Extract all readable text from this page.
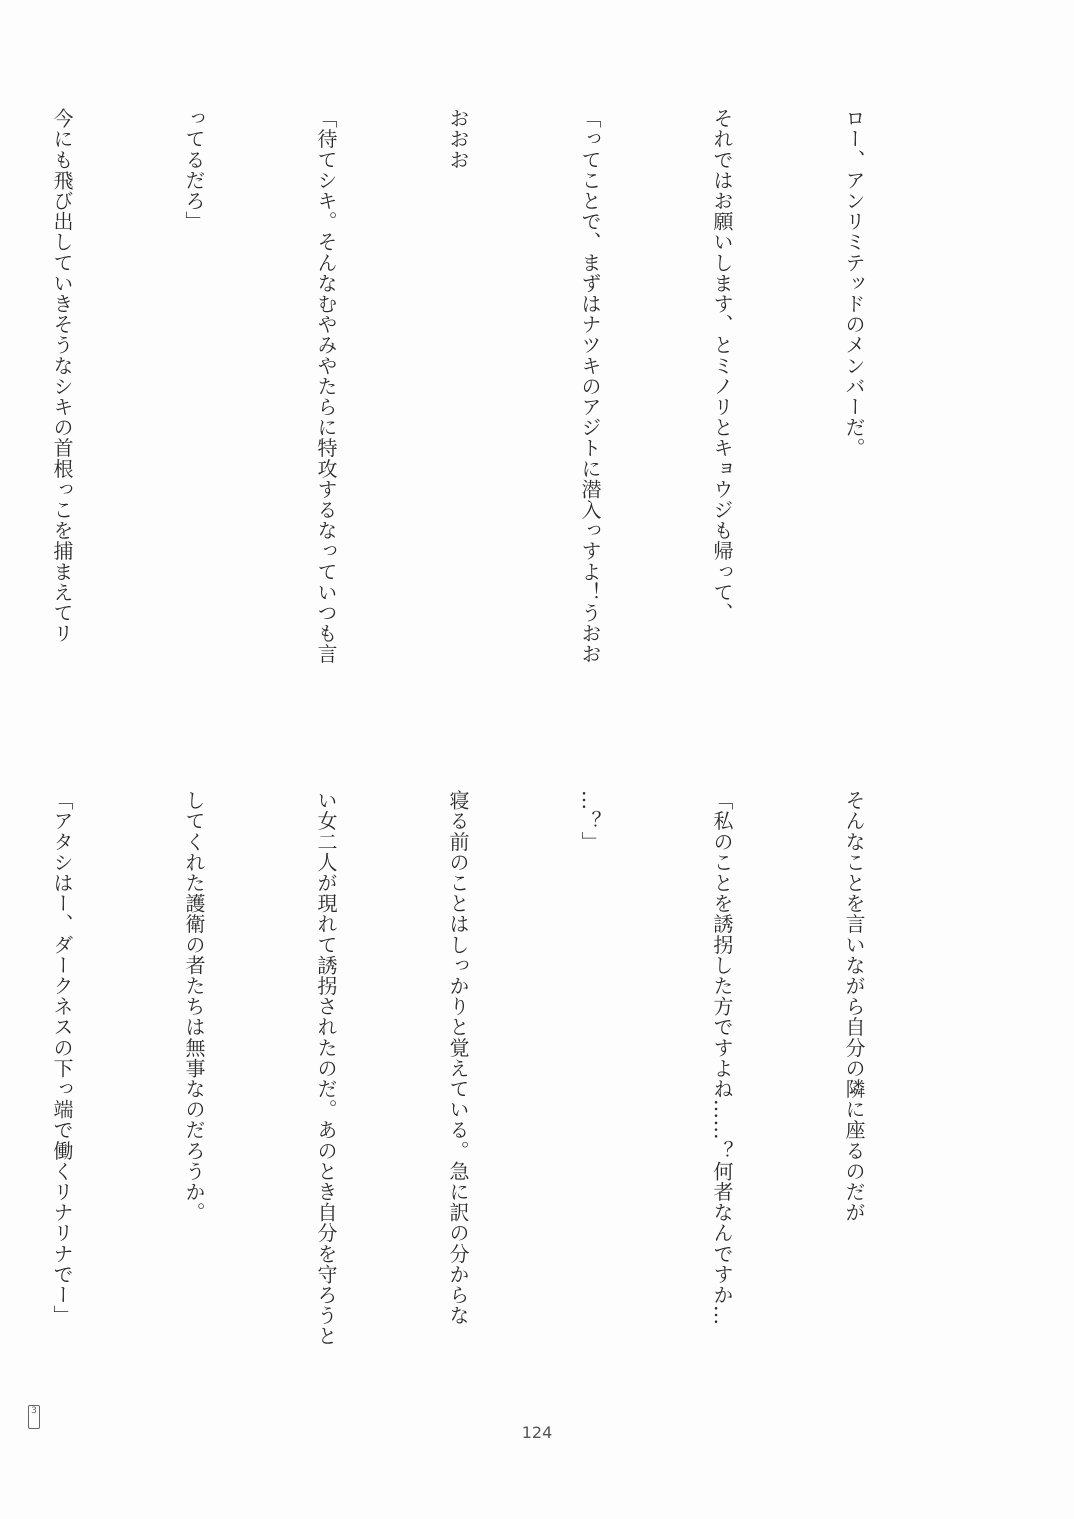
ロー、アンリミテッドのメンバーだ。

それではお願いします、とミノリとキョウジも帰って、

「ってことで、まずはナツキのアジトに潜入っすよ！うおお

おおお

「待てシキ。そんなむやみやたらに特攻するなっていつも言

ってるだろ」

今にも飛び出していきそうなシキの首根っこを捕まえてリ

そんなことを言いながら自分の隣に座るのだが

「私のことを誘拐した方ですよね……？何者なんですか…

…？」

寝る前のことはしっかりと覚えている。急に訳の分からな

い女二人が現れて誘拐されたのだ。あのとき自分を守ろうと

してくれた護衛の者たちは無事なのだろうか。

「アタシはー、ダークネスの下っ端で働くリナリナでー」

124
3
